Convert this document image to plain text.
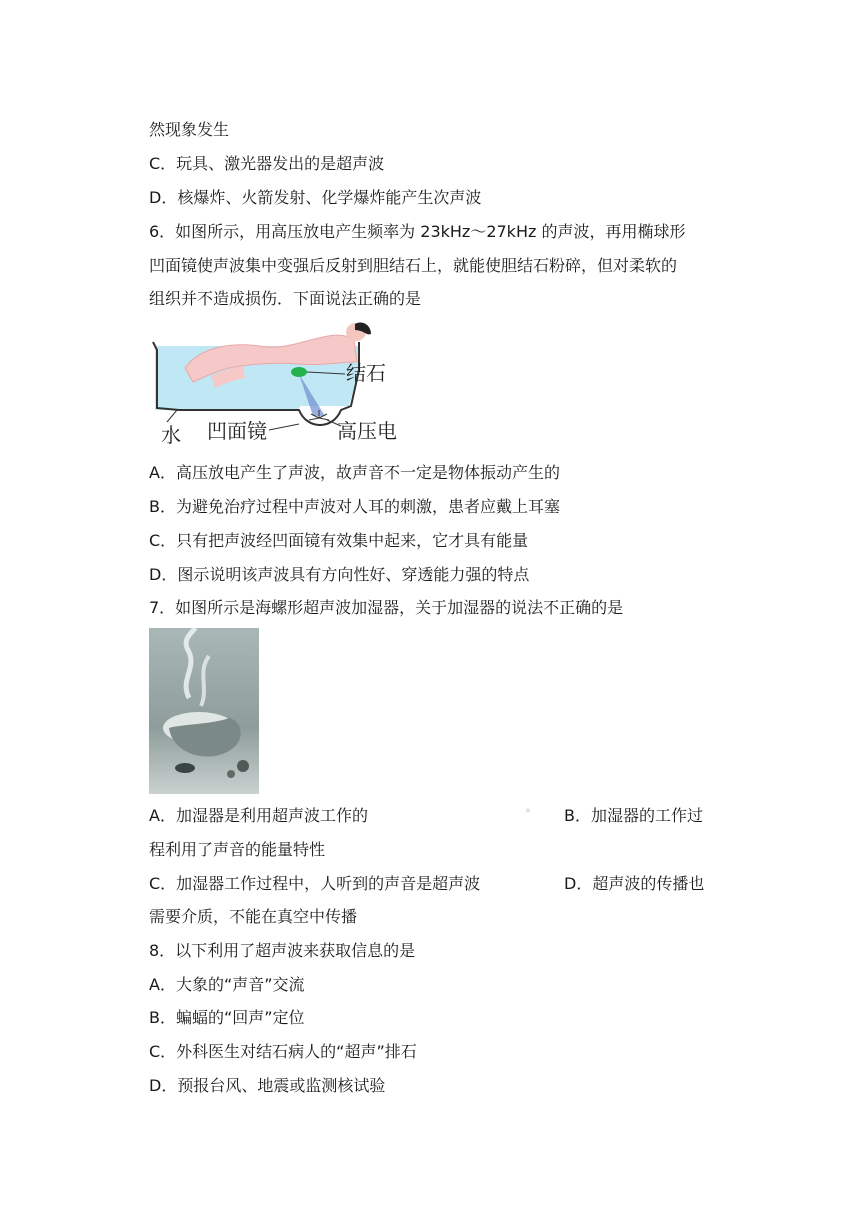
然现象发生
C．玩具、激光器发出的是超声波
D．核爆炸、火箭发射、化学爆炸能产生次声波
6．如图所示，用高压放电产生频率为 23kHz～27kHz 的声波，再用椭球形
凹面镜使声波集中变强后反射到胆结石上，就能使胆结石粉碎，但对柔软的
组织并不造成损伤．下面说法正确的是
结石
水 凹面镜	高压电
A．高压放电产生了声波，故声音不一定是物体振动产生的
B．为避免治疗过程中声波对人耳的刺激，患者应戴上耳塞
C．只有把声波经凹面镜有效集中起来，它才具有能量
D．图示说明该声波具有方向性好、穿透能力强的特点
7．如图所示是海螺形超声波加湿器，关于加湿器的说法不正确的是
A．加湿器是利用超声波工作的	◦ B．加湿器的工作过
程利用了声音的能量特性
C．加湿器工作过程中，人听到的声音是超声波	D．超声波的传播也
需要介质，不能在真空中传播
8．以下利用了超声波来获取信息的是
A．大象的“声音”交流
B．蝙蝠的“回声”定位
C．外科医生对结石病人的“超声”排石
D．预报台风、地震或监测核试验
